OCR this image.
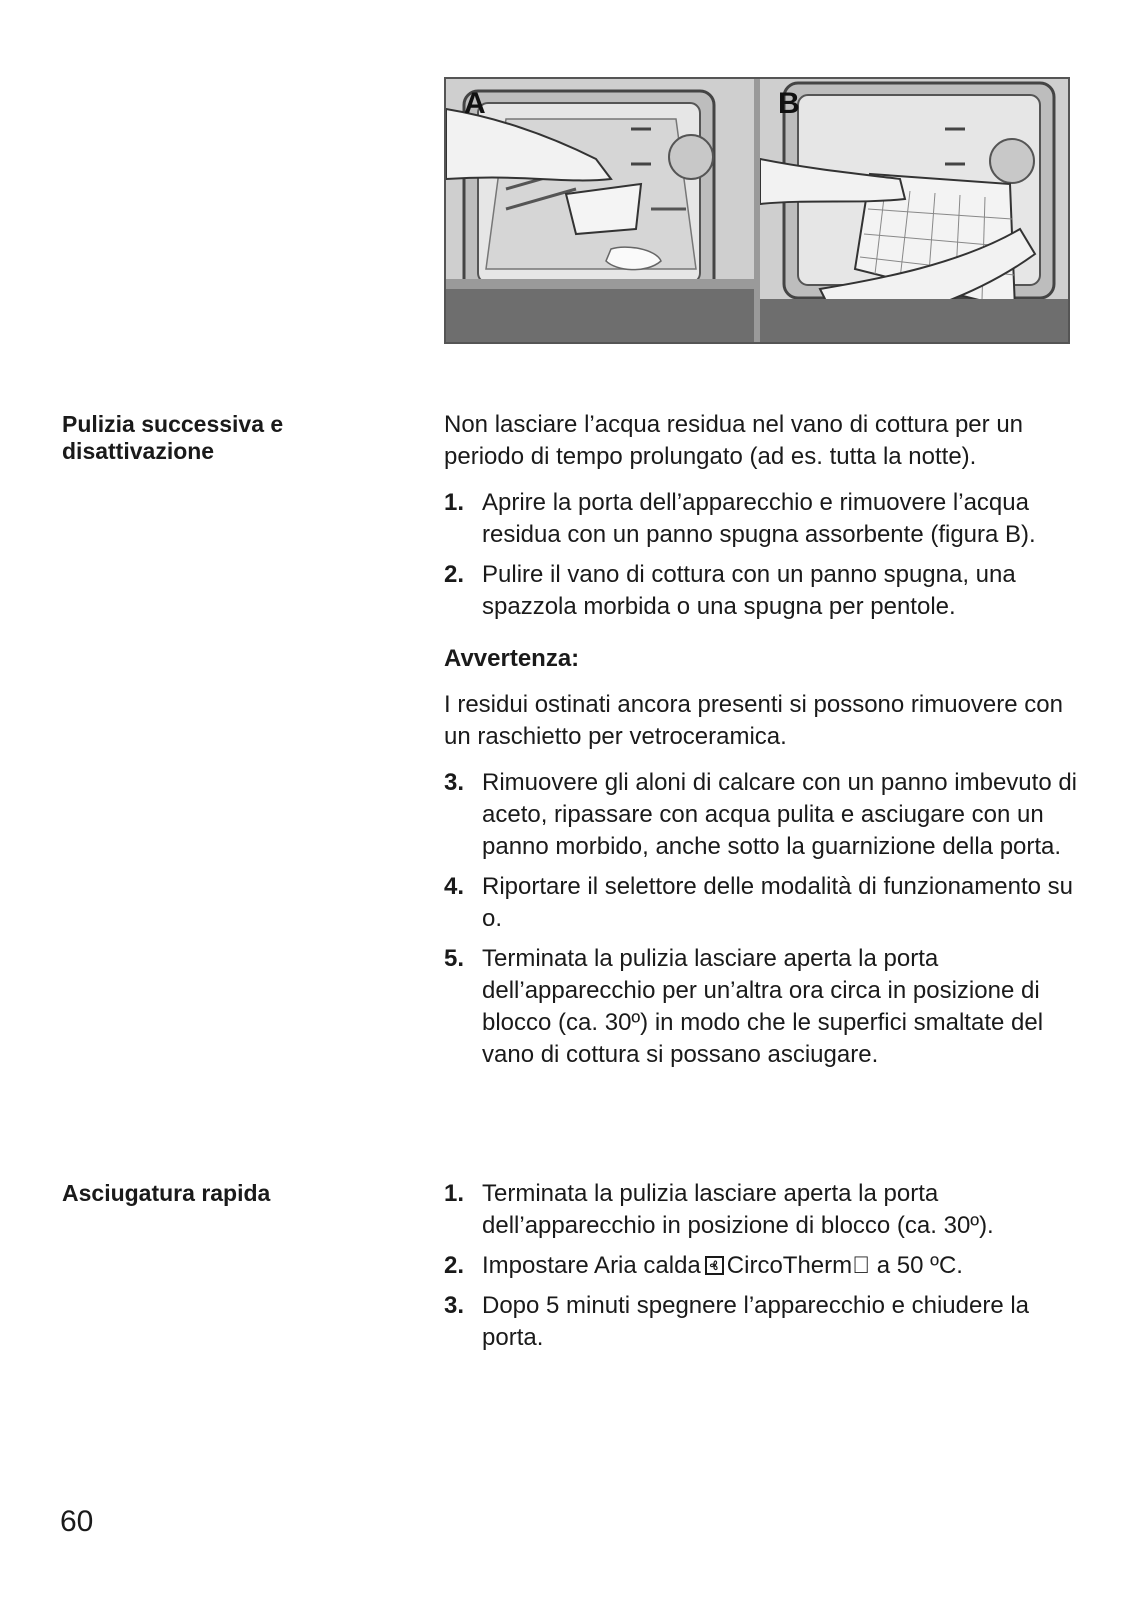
A	B
Pulizia successiva e
disattivazione

Non lasciare l’acqua residua nel vano di cottura per un periodo di tempo prolungato (ad es. tutta la notte).

1. Aprire la porta dell’apparecchio e rimuovere l’acqua residua con un panno spugna assorbente (figura B).

2. Pulire il vano di cottura con un panno spugna, una spazzola morbida o una spugna per pentole.

Avvertenza:

I residui ostinati ancora presenti si possono rimuovere con un raschietto per vetroceramica.

3. Rimuovere gli aloni di calcare con un panno imbevuto di aceto, ripassare con acqua pulita e asciugare con un panno morbido, anche sotto la guarnizione della porta.

4. Riportare il selettore delle modalità di funzionamento su o.

5. Terminata la pulizia lasciare aperta la porta dell’apparecchio per un’altra ora circa in posizione di blocco (ca. 30º) in modo che le superfici smaltate del vano di cottura si possano asciugare.

Asciugatura rapida	1. Terminata la pulizia lasciare aperta la porta dell’apparecchio in posizione di blocco (ca. 30º).

2. Impostare Aria calda CircoTherm  a 50 ºC.

3. Dopo 5 minuti spegnere l’apparecchio e chiudere la porta.

60
